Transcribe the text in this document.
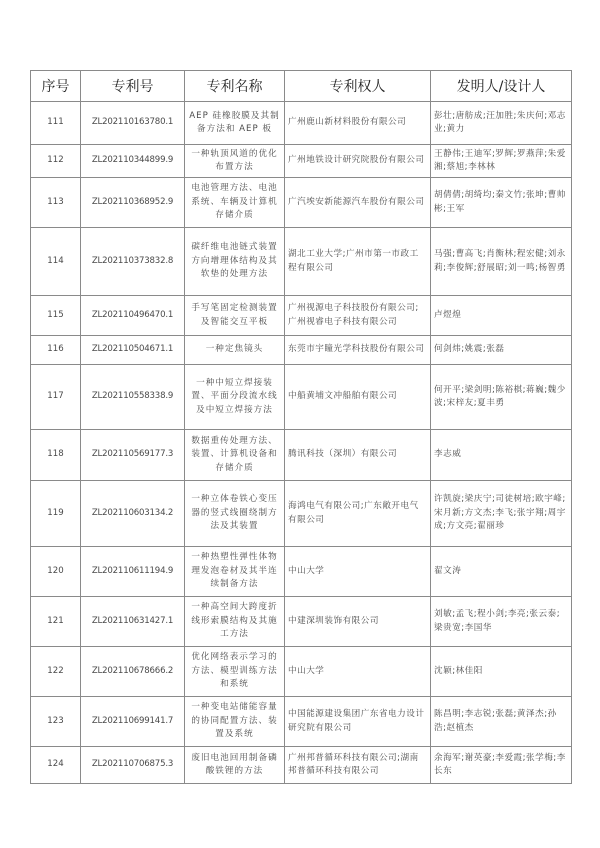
序号	专利号	专利名称	专利权人	发明人/设计人
111	ZL202110163780.1	AEP 硅橡胶膜及其制备方法和 AEP 板	广州鹿山新材料股份有限公司	彭壮;唐舫成;汪加胜;朱庆何;邓志业;黄力
112	ZL202110344899.9	一种轨顶风道的优化布置方法	广州地铁设计研究院股份有限公司	王静伟;王迪军;罗辉;罗燕萍;朱爱湘;蔡旭;李林林
113	ZL202110368952.9	电池管理方法、电池系统、车辆及计算机存储介质	广汽埃安新能源汽车股份有限公司	胡倩倩;胡绮均;秦文竹;张坤;曹帅彬;王军
114	ZL202110373832.8	碳纤维电池链式装置方向增理体结构及其软垫的处理方法	湖北工业大学;广州市第一市政工程有限公司	马强;曹高飞;肖衡林;程宏健;刘永莉;李俊辉;舒展昭;刘一鸣;杨智勇
115	ZL202110496470.1	手写笔固定检测装置及智能交互平板	广州视源电子科技股份有限公司;广州视睿电子科技有限公司	卢煜煌
116	ZL202110504671.1	一种定焦镜头	东莞市宇瞳光学科技股份有限公司	何剑炜;姚震;张磊
117	ZL202110558338.9	一种中短立焊接装置、平面分段流水线及中短立焊接方法	中船黄埔文冲船舶有限公司	何开平;梁剑明;陈裕棋;蒋巍;魏少波;宋梓友;夏丰勇
118	ZL202110569177.3	数据重传处理方法、装置、计算机设备和存储介质	腾讯科技（深圳）有限公司	李志威
119	ZL202110603134.2	一种立体卷铁心变压器的竖式线圈绕制方法及其装置	海鸿电气有限公司;广东敞开电气有限公司	许凯旋;梁庆宁;司徒树培;欧宇峰;宋月新;方文杰;李飞;张宇翔;周宇成;方文亮;翟丽珍
120	ZL202110611194.9	一种热塑性弹性体物理发泡卷材及其半连续制备方法	中山大学	翟文涛
121	ZL202110631427.1	一种高空间大跨度折线形索膜结构及其施工方法	中建深圳装饰有限公司	刘敏;孟飞;程小剑;李亮;张云泰;梁贵宽;李国华
122	ZL202110678666.2	优化网络表示学习的方法、模型训练方法和系统	中山大学	沈颖;林佳阳
123	ZL202110699141.7	一种变电站储能容量的协同配置方法、装置及系统	中国能源建设集团广东省电力设计研究院有限公司	陈昌明;李志锐;张磊;黄泽杰;孙浩;赵植杰
124	ZL202110706875.3	废旧电池回用制备磷酸铁锂的方法	广州邦普循环科技有限公司;湖南邦普循环科技有限公司	余海军;谢英豪;李爱霞;张学梅;李长东
